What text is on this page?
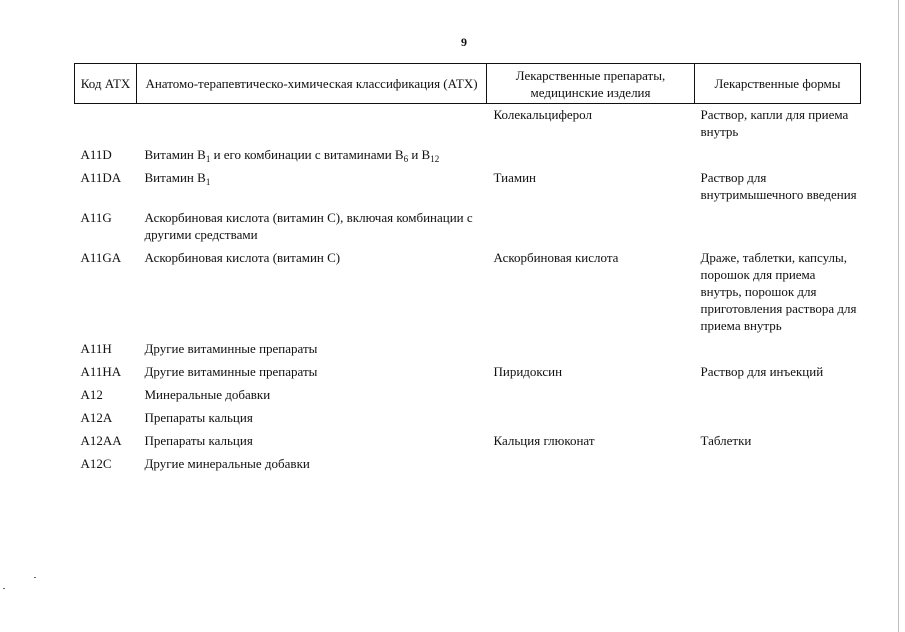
9
Код АТХ	Анатомо-терапевтическо-химическая классификация (АТХ)	Лекарственные препараты, медицинские изделия	Лекарственные формы
		Колекальциферол	Раствор, капли для приема внутрь
A11D	Витамин $B_1$ и его комбинации с витаминами $B_6$ и $B_{12}$		
A11DA	Витамин $B_1$	Тиамин	Раствор для внутримышечного введения
A11G	Аскорбиновая кислота (витамин C), включая комбинации с другими средствами		
A11GA	Аскорбиновая кислота (витамин C)	Аскорбиновая кислота	Драже, таблетки, капсулы, порошок для приема внутрь, порошок для приготовления раствора для приема внутрь
A11H	Другие витаминные препараты		
A11HA	Другие витаминные препараты	Пиридоксин	Раствор для инъекций
A12	Минеральные добавки		
A12A	Препараты кальция		
A12AA	Препараты кальция	Кальция глюконат	Таблетки
A12C	Другие минеральные добавки		
